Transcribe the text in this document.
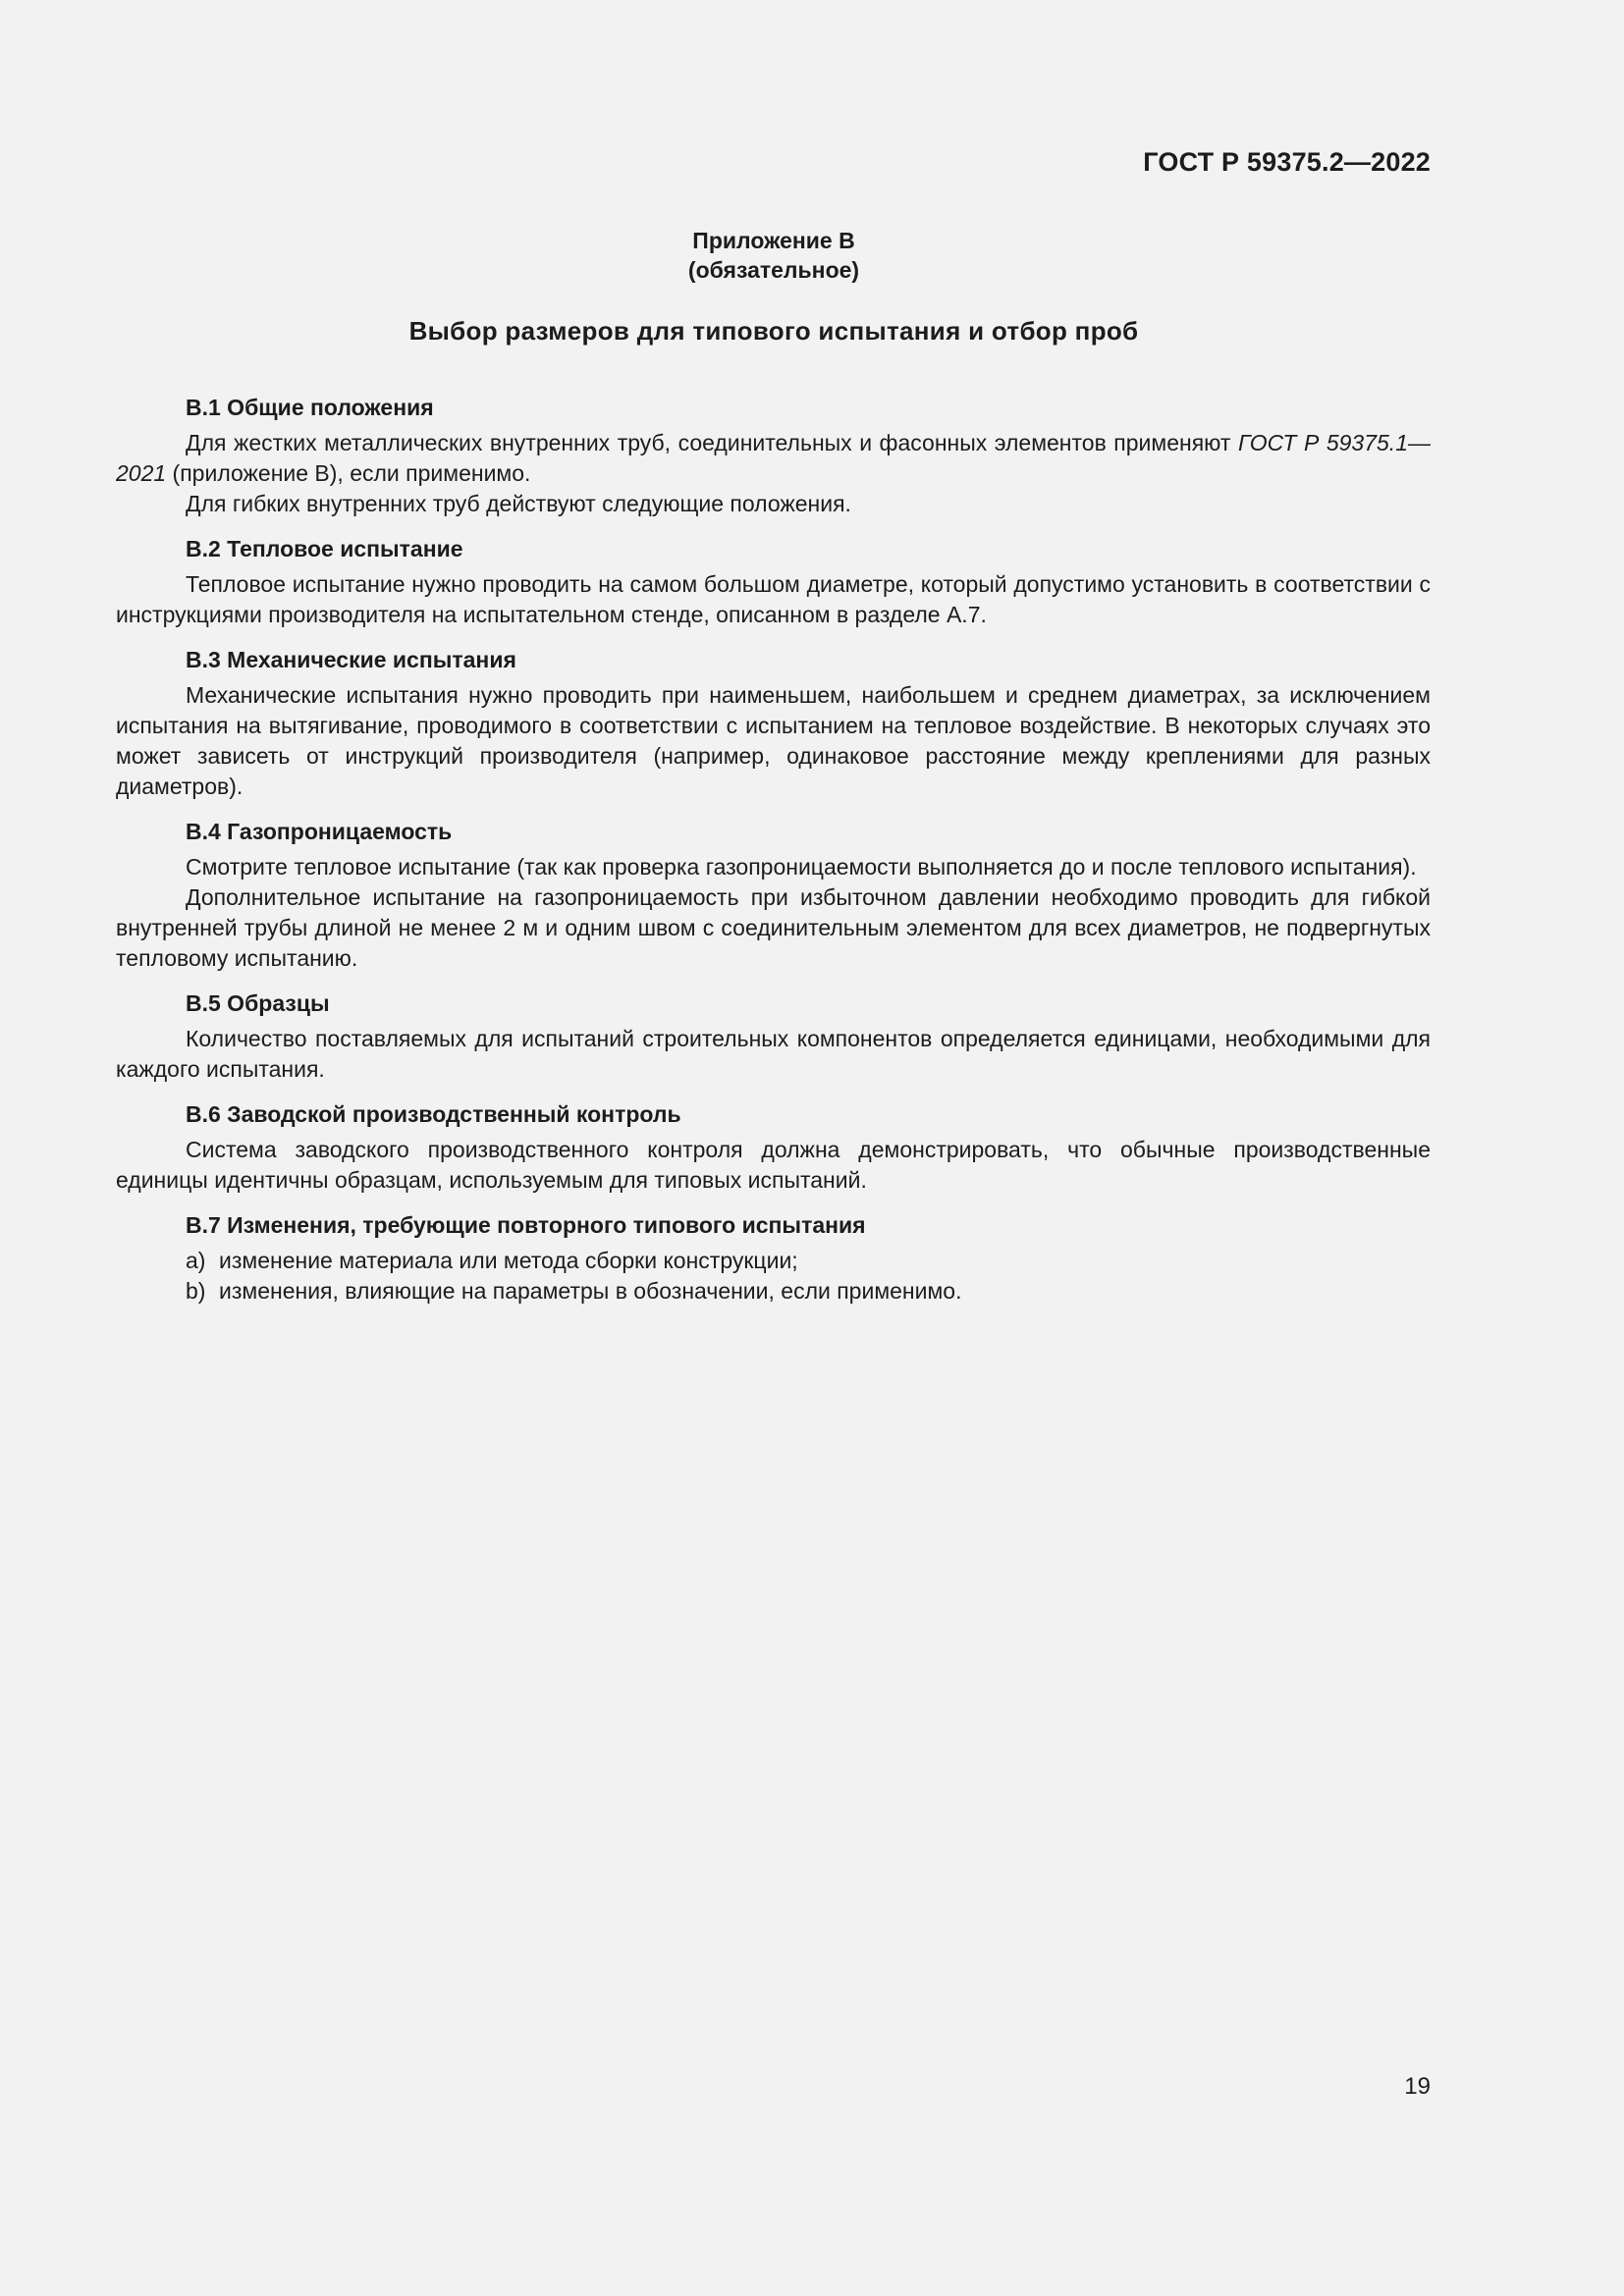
ГОСТ Р 59375.2—2022
Приложение В
(обязательное)
Выбор размеров для типового испытания и отбор проб
В.1 Общие положения

Для жестких металлических внутренних труб, соединительных и фасонных элементов применяют ГОСТ Р 59375.1—2021 (приложение В), если применимо.

Для гибких внутренних труб действуют следующие положения.

В.2 Тепловое испытание

Тепловое испытание нужно проводить на самом большом диаметре, который допустимо установить в соответствии с инструкциями производителя на испытательном стенде, описанном в разделе А.7.

В.3 Механические испытания

Механические испытания нужно проводить при наименьшем, наибольшем и среднем диаметрах, за исключением испытания на вытягивание, проводимого в соответствии с испытанием на тепловое воздействие. В некоторых случаях это может зависеть от инструкций производителя (например, одинаковое расстояние между креплениями для разных диаметров).

В.4 Газопроницаемость

Смотрите тепловое испытание (так как проверка газопроницаемости выполняется до и после теплового испытания).

Дополнительное испытание на газопроницаемость при избыточном давлении необходимо проводить для гибкой внутренней трубы длиной не менее 2 м и одним швом с соединительным элементом для всех диаметров, не подвергнутых тепловому испытанию.

В.5 Образцы

Количество поставляемых для испытаний строительных компонентов определяется единицами, необходимыми для каждого испытания.

В.6 Заводской производственный контроль

Система заводского производственного контроля должна демонстрировать, что обычные производственные единицы идентичны образцам, используемым для типовых испытаний.

В.7 Изменения, требующие повторного типового испытания

a) изменение материала или метода сборки конструкции;

b) изменения, влияющие на параметры в обозначении, если применимо.

19
